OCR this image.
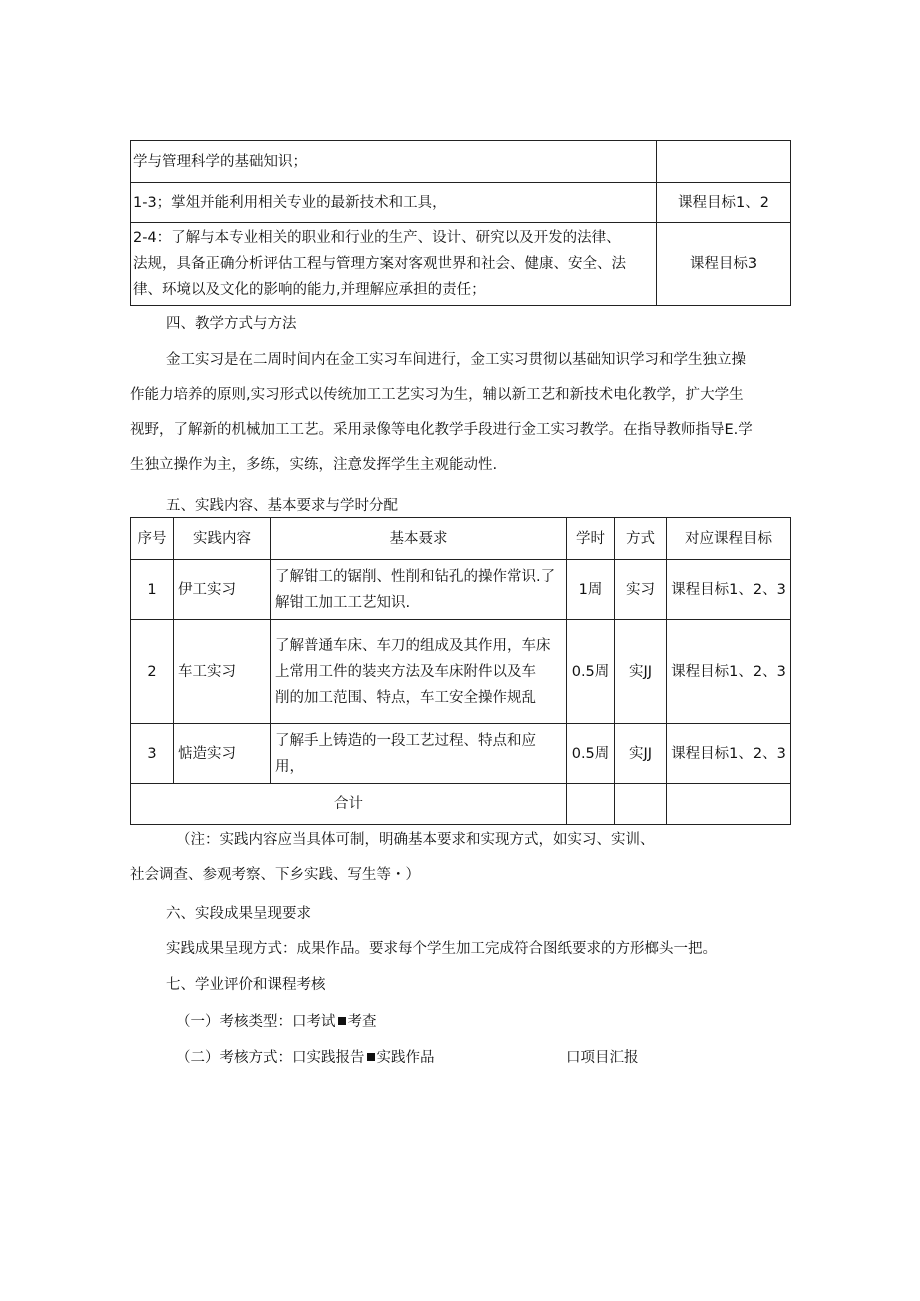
学与管理科学的基础知识；	
1-3；掌俎并能利用相关专业的最新技术和工具，	课程目标1、2

2-4：了解与本专业相关的职业和行业的生产、设计、研究以及开发的法律、
法规，具备正确分析评估工程与管理方案对客观世界和社会、健康、安全、法
律、环境以及文化的影响的能力,并理解应承担的责任；	课程目标3
四、教学方式与方法
金工实习是在二周时间内在金工实习车间进行，金工实习贯彻以基础知识学习和学生独立操
作能力培养的原则,实习形式以传统加工工艺实习为生，辅以新工艺和新技术电化教学，扩大学生
视野，了解新的机械加工工艺。采用录像等电化教学手段进行金工实习教学。在指导教师指导E.学
生独立操作为主，多练，实练，注意发挥学生主观能动性.
五、实践内容、基本要求与学时分配
序号	实践内容	基本聂求	学时	方式	对应课程目标
1	伊工实习	了解钳工的锯削、性削和钻孔的操作常识.了
解钳工加工工艺知识.	1周	实习	课程目标1、2、3
2	车工实习	了解普通车床、车刀的组成及其作用，车床
上常用工件的装夹方法及车床附件以及车
削的加工范围、特点，车工安全操作规乱	0.5周	实JJ	课程目标1、2、3
3	惦造实习	了解手上铸造的一段工艺过程、特点和应
用，	0.5周	实JJ	课程目标1、2、3
合计					
（注：实践内容应当具体可制，明确基本要求和实现方式，如实习、实训、
社会调查、参观考察、下乡实践、写生等・）
六、实段成果呈现要求
实践成果呈现方式：成果作品。要求每个学生加工完成符合图纸要求的方形榔头一把。
七、学业评价和课程考核
（一）考核类型：口考试 考查
（二）考核方式：口实践报告 实践作品	口项目汇报
